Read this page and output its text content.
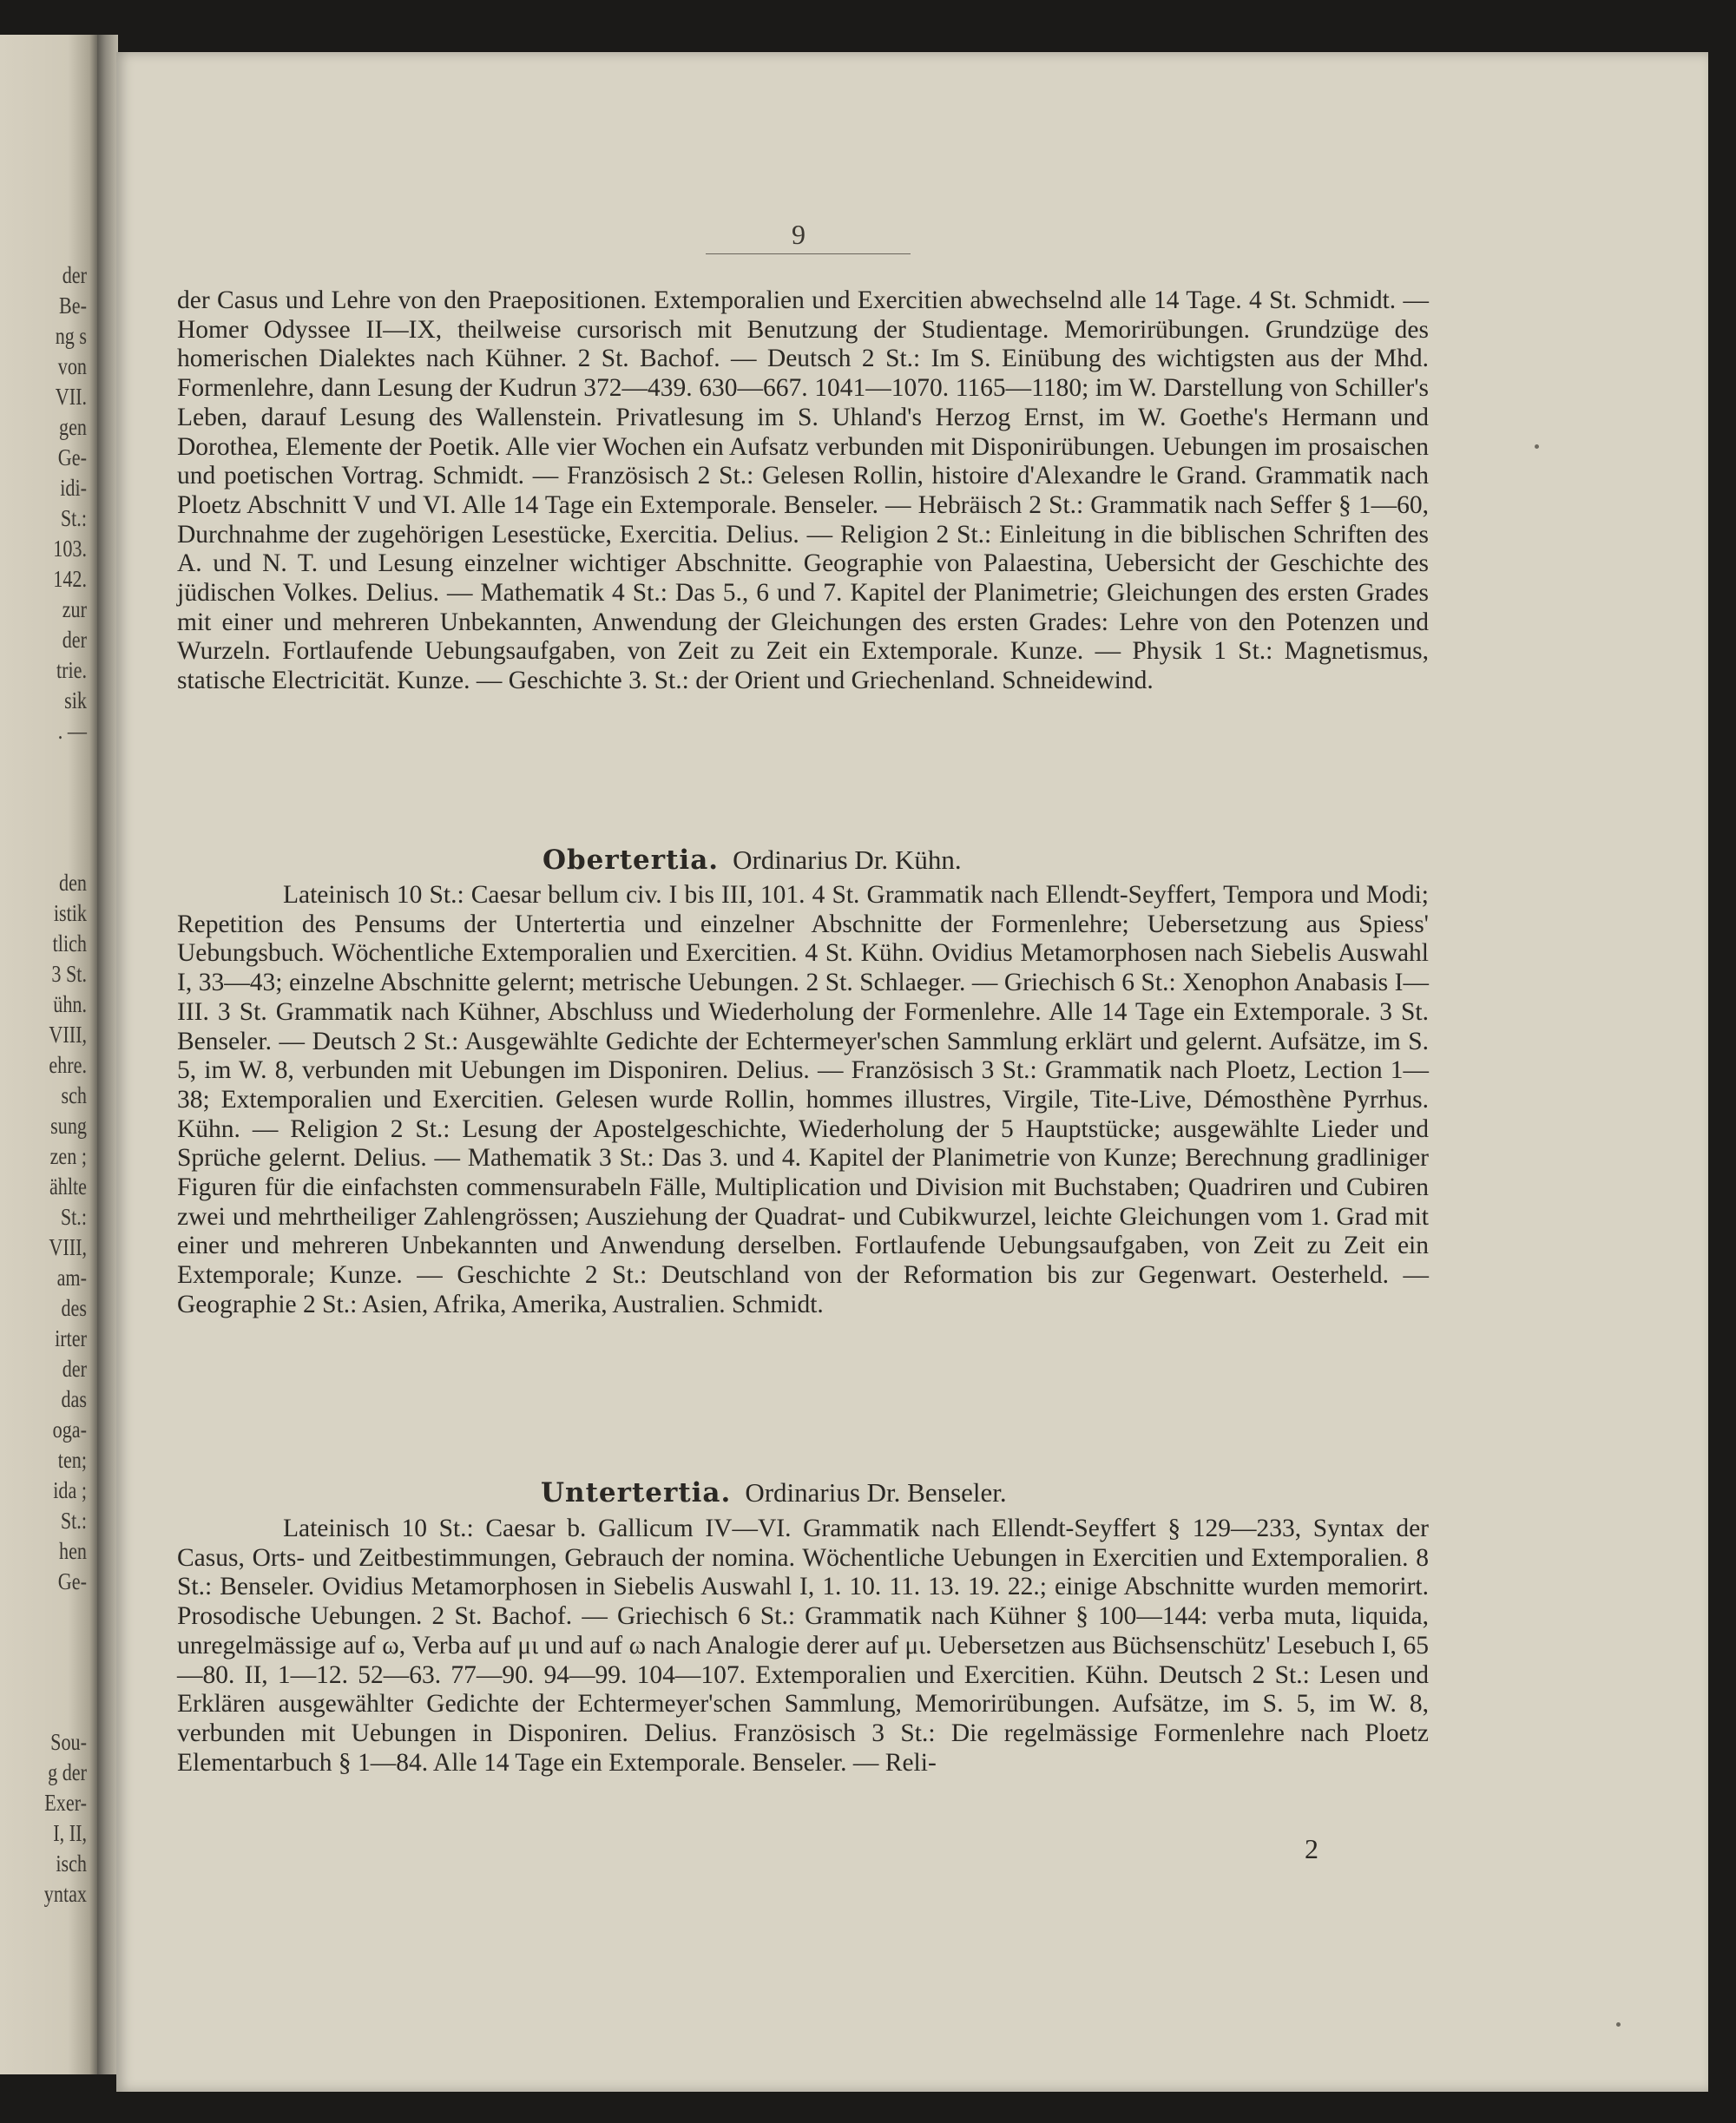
der
Be-
ng s
von
VII.
gen
Ge-
idi-
St.:
103.
142.
zur
der
trie.
sik
. —
den
istik
tlich
3 St.
ühn.
VIII,
ehre.
sch
sung
zen ;
ählte
St.:
VIII,
am-
des
irter
der
das
oga-
ten;
ida ;
St.:
hen
Ge-
Sou-
g der
Exer-
I, II,
isch
yntax
9

der Casus und Lehre von den Praepositionen. Extemporalien und Exercitien abwechselnd alle 14 Tage. 4 St. Schmidt. — Homer Odyssee II—IX, theilweise cursorisch mit Benutzung der Studientage. Memorirübungen. Grundzüge des homerischen Dialektes nach Kühner. 2 St. Bachof. — Deutsch 2 St.: Im S. Einübung des wichtigsten aus der Mhd. Formenlehre, dann Lesung der Kudrun 372—439. 630—667. 1041—1070. 1165—1180; im W. Darstellung von Schiller's Leben, darauf Lesung des Wallenstein. Privatlesung im S. Uhland's Herzog Ernst, im W. Goethe's Hermann und Dorothea, Elemente der Poetik. Alle vier Wochen ein Aufsatz verbunden mit Disponirübungen. Uebungen im prosaischen und poetischen Vortrag. Schmidt. — Französisch 2 St.: Gelesen Rollin, histoire d'Alexandre le Grand. Grammatik nach Ploetz Abschnitt V und VI. Alle 14 Tage ein Extemporale. Benseler. — Hebräisch 2 St.: Grammatik nach Seffer § 1—60, Durchnahme der zugehörigen Lesestücke, Exercitia. Delius. — Religion 2 St.: Einleitung in die biblischen Schriften des A. und N. T. und Lesung einzelner wichtiger Abschnitte. Geographie von Palaestina, Uebersicht der Geschichte des jüdischen Volkes. Delius. — Mathematik 4 St.: Das 5., 6 und 7. Kapitel der Planimetrie; Gleichungen des ersten Grades mit einer und mehreren Unbekannten, Anwendung der Gleichungen des ersten Grades: Lehre von den Potenzen und Wurzeln. Fortlaufende Uebungsaufgaben, von Zeit zu Zeit ein Extemporale. Kunze. — Physik 1 St.: Magnetismus, statische Electricität. Kunze. — Geschichte 3. St.: der Orient und Griechenland. Schneidewind.

Obertertia. Ordinarius Dr. Kühn.

Lateinisch 10 St.: Caesar bellum civ. I bis III, 101. 4 St. Grammatik nach Ellendt-Seyffert, Tempora und Modi; Repetition des Pensums der Untertertia und einzelner Abschnitte der Formenlehre; Uebersetzung aus Spiess' Uebungsbuch. Wöchentliche Extemporalien und Exercitien. 4 St. Kühn. Ovidius Metamorphosen nach Siebelis Auswahl I, 33—43; einzelne Abschnitte gelernt; metrische Uebungen. 2 St. Schlaeger. — Griechisch 6 St.: Xenophon Anabasis I—III. 3 St. Grammatik nach Kühner, Abschluss und Wiederholung der Formenlehre. Alle 14 Tage ein Extemporale. 3 St. Benseler. — Deutsch 2 St.: Ausgewählte Gedichte der Echtermeyer'schen Sammlung erklärt und gelernt. Aufsätze, im S. 5, im W. 8, verbunden mit Uebungen im Disponiren. Delius. — Französisch 3 St.: Grammatik nach Ploetz, Lection 1—38; Extemporalien und Exercitien. Gelesen wurde Rollin, hommes illustres, Virgile, Tite-Live, Démosthène Pyrrhus. Kühn. — Religion 2 St.: Lesung der Apostelgeschichte, Wiederholung der 5 Hauptstücke; ausgewählte Lieder und Sprüche gelernt. Delius. — Mathematik 3 St.: Das 3. und 4. Kapitel der Planimetrie von Kunze; Berechnung gradliniger Figuren für die einfachsten commensurabeln Fälle, Multiplication und Division mit Buchstaben; Quadriren und Cubiren zwei und mehrtheiliger Zahlengrössen; Ausziehung der Quadrat- und Cubikwurzel, leichte Gleichungen vom 1. Grad mit einer und mehreren Unbekannten und Anwendung derselben. Fortlaufende Uebungsaufgaben, von Zeit zu Zeit ein Extemporale; Kunze. — Geschichte 2 St.: Deutschland von der Reformation bis zur Gegenwart. Oesterheld. — Geographie 2 St.: Asien, Afrika, Amerika, Australien. Schmidt.

Untertertia. Ordinarius Dr. Benseler.

Lateinisch 10 St.: Caesar b. Gallicum IV—VI. Grammatik nach Ellendt-Seyffert § 129—233, Syntax der Casus, Orts- und Zeitbestimmungen, Gebrauch der nomina. Wöchentliche Uebungen in Exercitien und Extemporalien. 8 St.: Benseler. Ovidius Metamorphosen in Siebelis Auswahl I, 1. 10. 11. 13. 19. 22.; einige Abschnitte wurden memorirt. Prosodische Uebungen. 2 St. Bachof. — Griechisch 6 St.: Grammatik nach Kühner § 100—144: verba muta, liquida, unregelmässige auf ω, Verba auf μι und auf ω nach Analogie derer auf μι. Uebersetzen aus Büchsenschütz' Lesebuch I, 65—80. II, 1—12. 52—63. 77—90. 94—99. 104—107. Extemporalien und Exercitien. Kühn. Deutsch 2 St.: Lesen und Erklären ausgewählter Gedichte der Echtermeyer'schen Sammlung, Memorirübungen. Aufsätze, im S. 5, im W. 8, verbunden mit Uebungen in Disponiren. Delius. Französisch 3 St.: Die regelmässige Formenlehre nach Ploetz Elementarbuch § 1—84. Alle 14 Tage ein Extemporale. Benseler. — Reli-

2
